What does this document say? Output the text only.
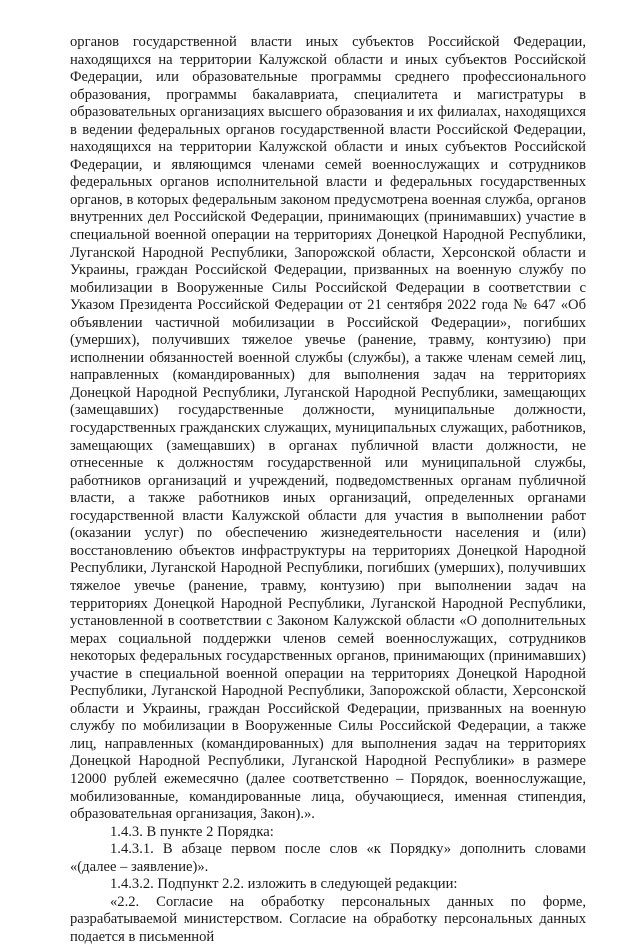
органов государственной власти иных субъектов Российской Федерации, находящихся на территории Калужской области и иных субъектов Российской Федерации, или образовательные программы среднего профессионального образования, программы бакалавриата, специалитета и магистратуры в образовательных организациях высшего образования и их филиалах, находящихся в ведении федеральных органов государственной власти Российской Федерации, находящихся на территории Калужской области и иных субъектов Российской Федерации, и являющимся членами семей военнослужащих и сотрудников федеральных органов исполнительной власти и федеральных государственных органов, в которых федеральным законом предусмотрена военная служба, органов внутренних дел Российской Федерации, принимающих (принимавших) участие в специальной военной операции на территориях Донецкой Народной Республики, Луганской Народной Республики, Запорожской области, Херсонской области и Украины, граждан Российской Федерации, призванных на военную службу по мобилизации в Вооруженные Силы Российской Федерации в соответствии с Указом Президента Российской Федерации от 21 сентября 2022 года № 647 «Об объявлении частичной мобилизации в Российской Федерации», погибших (умерших), получивших тяжелое увечье (ранение, травму, контузию) при исполнении обязанностей военной службы (службы), а также членам семей лиц, направленных (командированных) для выполнения задач на территориях Донецкой Народной Республики, Луганской Народной Республики, замещающих (замещавших) государственные должности, муниципальные должности, государственных гражданских служащих, муниципальных служащих, работников, замещающих (замещавших) в органах публичной власти должности, не отнесенные к должностям государственной или муниципальной службы, работников организаций и учреждений, подведомственных органам публичной власти, а также работников иных организаций, определенных органами государственной власти Калужской области для участия в выполнении работ (оказании услуг) по обеспечению жизнедеятельности населения и (или) восстановлению объектов инфраструктуры на территориях Донецкой Народной Республики, Луганской Народной Республики, погибших (умерших), получивших тяжелое увечье (ранение, травму, контузию) при выполнении задач на территориях Донецкой Народной Республики, Луганской Народной Республики, установленной в соответствии с Законом Калужской области «О дополнительных мерах социальной поддержки членов семей военнослужащих, сотрудников некоторых федеральных государственных органов, принимающих (принимавших) участие в специальной военной операции на территориях Донецкой Народной Республики, Луганской Народной Республики, Запорожской области, Херсонской области и Украины, граждан Российской Федерации, призванных на военную службу по мобилизации в Вооруженные Силы Российской Федерации, а также лиц, направленных (командированных) для выполнения задач на территориях Донецкой Народной Республики, Луганской Народной Республики» в размере 12000 рублей ежемесячно (далее соответственно – Порядок, военнослужащие, мобилизованные, командированные лица, обучающиеся, именная стипендия, образовательная организация, Закон).».

1.4.3. В пункте 2 Порядка:

1.4.3.1. В абзаце первом после слов «к Порядку» дополнить словами «(далее – заявление)».

1.4.3.2. Подпункт 2.2. изложить в следующей редакции:

«2.2. Согласие на обработку персональных данных по форме, разрабатываемой министерством. Согласие на обработку персональных данных подается в письменной
